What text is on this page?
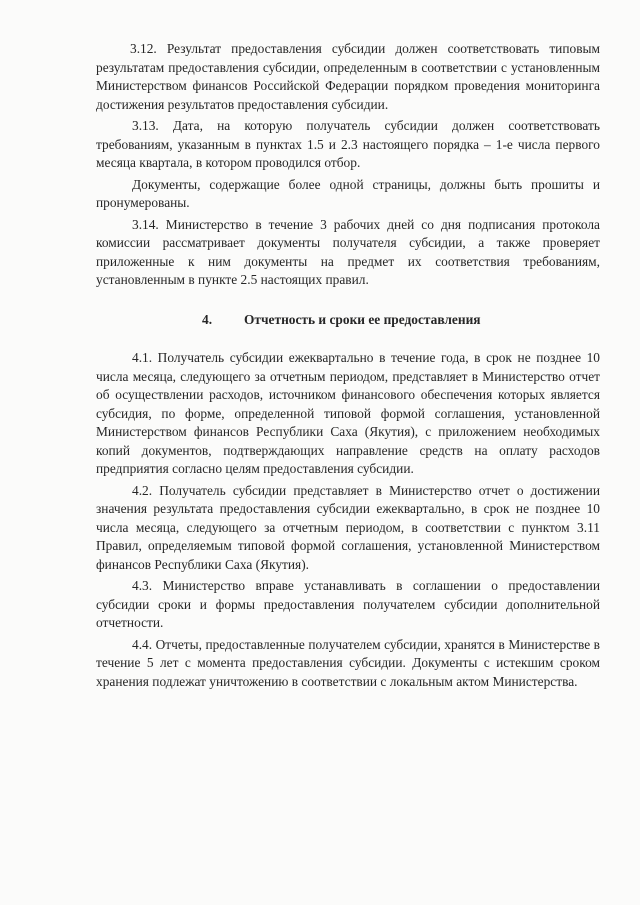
3.12. Результат предоставления субсидии должен соответствовать типовым результатам предоставления субсидии, определенным в соответствии с установленным Министерством финансов Российской Федерации порядком проведения мониторинга достижения результатов предоставления субсидии.

3.13. Дата, на которую получатель субсидии должен соответствовать требованиям, указанным в пунктах 1.5 и 2.3 настоящего порядка – 1-е числа первого месяца квартала, в котором проводился отбор.

Документы, содержащие более одной страницы, должны быть прошиты и пронумерованы.

3.14. Министерство в течение 3 рабочих дней со дня подписания протокола комиссии рассматривает документы получателя субсидии, а также проверяет приложенные к ним документы на предмет их соответствия требованиям, установленным в пункте 2.5 настоящих правил.

4. Отчетность и сроки ее предоставления

4.1. Получатель субсидии ежеквартально в течение года, в срок не позднее 10 числа месяца, следующего за отчетным периодом, представляет в Министерство отчет об осуществлении расходов, источником финансового обеспечения которых является субсидия, по форме, определенной типовой формой соглашения, установленной Министерством финансов Республики Саха (Якутия), с приложением необходимых копий документов, подтверждающих направление средств на оплату расходов предприятия согласно целям предоставления субсидии.

4.2. Получатель субсидии представляет в Министерство отчет о достижении значения результата предоставления субсидии ежеквартально, в срок не позднее 10 числа месяца, следующего за отчетным периодом, в соответствии с пунктом 3.11 Правил, определяемым типовой формой соглашения, установленной Министерством финансов Республики Саха (Якутия).

4.3. Министерство вправе устанавливать в соглашении о предоставлении субсидии сроки и формы предоставления получателем субсидии дополнительной отчетности.

4.4. Отчеты, предоставленные получателем субсидии, хранятся в Министерстве в течение 5 лет с момента предоставления субсидии. Документы с истекшим сроком хранения подлежат уничтожению в соответствии с локальным актом Министерства.
